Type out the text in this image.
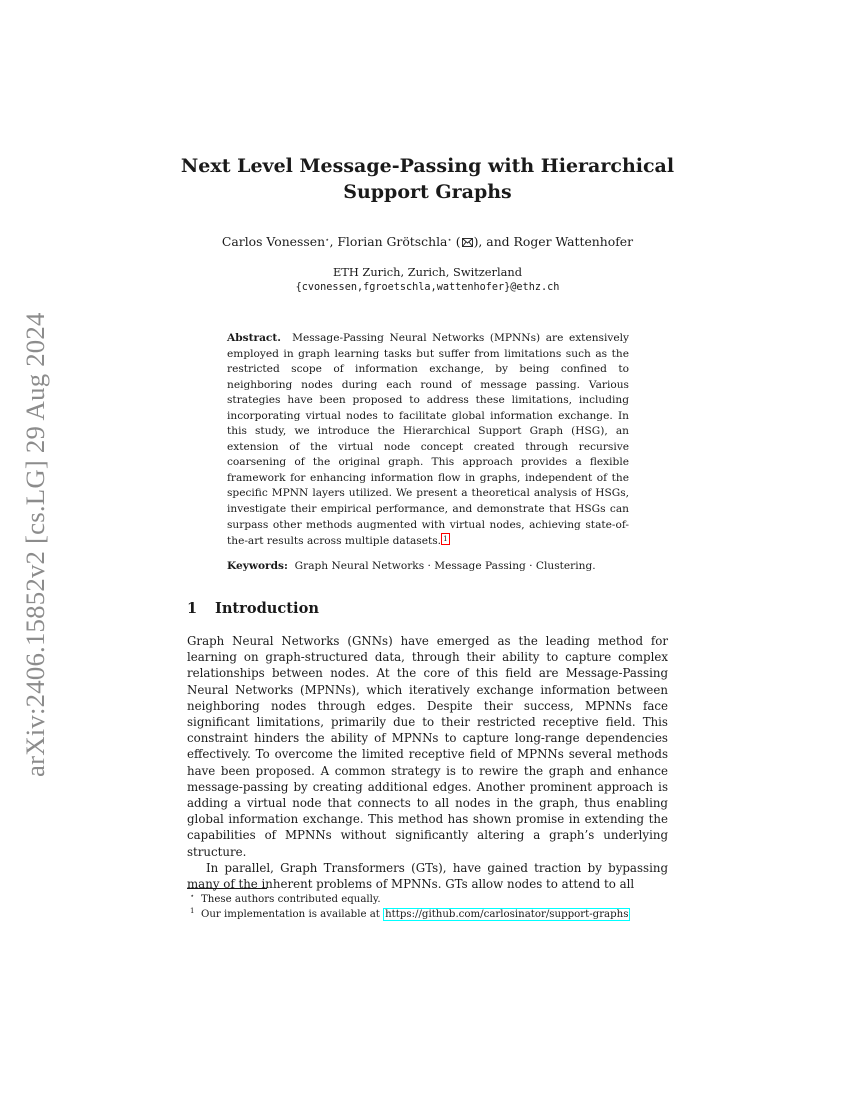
arXiv:2406.15852v2 [cs.LG] 29 Aug 2024
Next Level Message-Passing with Hierarchical Support Graphs
Carlos Vonessen⋆, Florian Grötschla⋆ ( ), and Roger Wattenhofer
ETH Zurich, Zurich, Switzerland
{cvonessen,fgroetschla,wattenhofer}@ethz.ch
Abstract. Message-Passing Neural Networks (MPNNs) are extensively employed in graph learning tasks but suffer from limitations such as the restricted scope of information exchange, by being confined to neighboring nodes during each round of message passing. Various strategies have been proposed to address these limitations, including incorporating virtual nodes to facilitate global information exchange. In this study, we introduce the Hierarchical Support Graph (HSG), an extension of the virtual node concept created through recursive coarsening of the original graph. This approach provides a flexible framework for enhancing information flow in graphs, independent of the specific MPNN layers utilized. We present a theoretical analysis of HSGs, investigate their empirical performance, and demonstrate that HSGs can surpass other methods augmented with virtual nodes, achieving state-of-the-art results across multiple datasets. 1
Keywords: Graph Neural Networks · Message Passing · Clustering.
1 Introduction

Graph Neural Networks (GNNs) have emerged as the leading method for learning on graph-structured data, through their ability to capture complex relationships between nodes. At the core of this field are Message-Passing Neural Networks (MPNNs), which iteratively exchange information between neighboring nodes through edges. Despite their success, MPNNs face significant limitations, primarily due to their restricted receptive field. This constraint hinders the ability of MPNNs to capture long-range dependencies effectively. To overcome the limited receptive field of MPNNs several methods have been proposed. A common strategy is to rewire the graph and enhance message-passing by creating additional edges. Another prominent approach is adding a virtual node that connects to all nodes in the graph, thus enabling global information exchange. This method has shown promise in extending the capabilities of MPNNs without significantly altering a graph’s underlying structure.

In parallel, Graph Transformers (GTs), have gained traction by bypassing many of the inherent problems of MPNNs. GTs allow nodes to attend to all

⋆ These authors contributed equally.
$^1$ Our implementation is available at https://github.com/carlosinator/support-graphs
